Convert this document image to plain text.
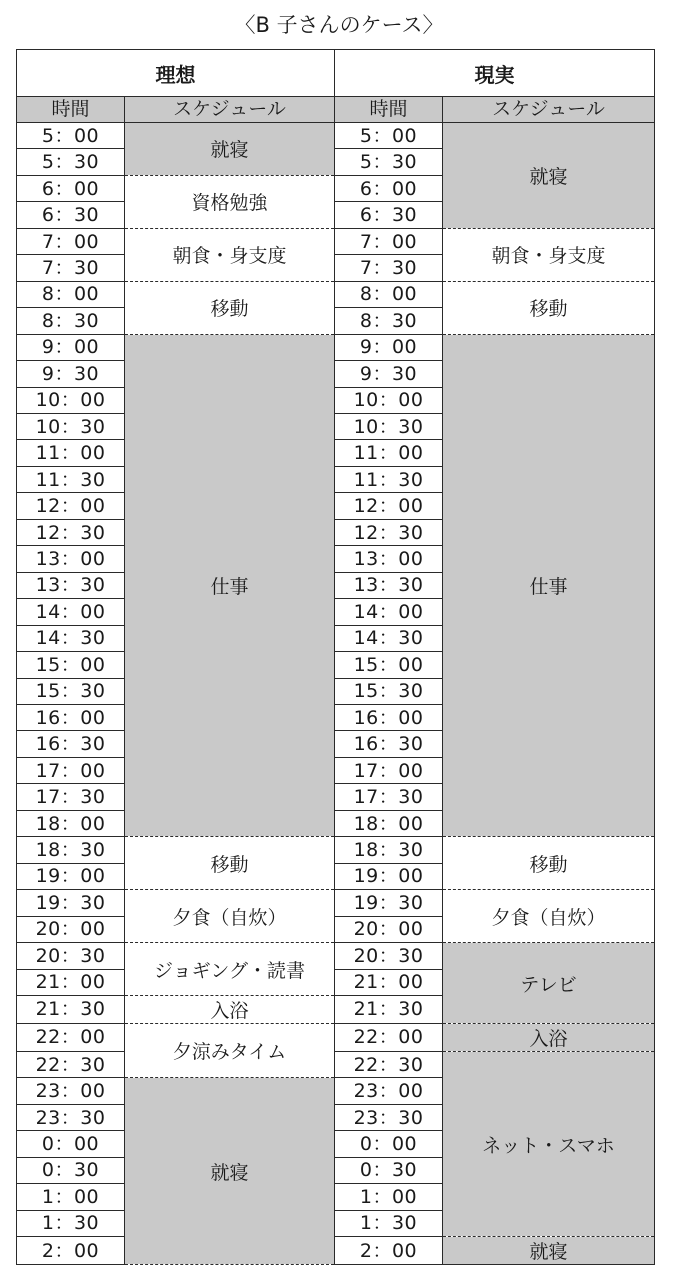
〈B 子さんのケース〉
理想		現実	
時間	スケジュール	時間	スケジュール
5：00	就寝	5：00	就寝
5：30		5：30	
6：00	資格勉強	6：00	
6：30		6：30	
7：00	朝食・身支度	7：00	朝食・身支度
7：30		7：30	
8：00	移動	8：00	移動
8：30		8：30	
9：00	仕事	9：00	仕事
9：30		9：30	
10：00		10：00	
10：30		10：30	
11：00		11：00	
11：30		11：30	
12：00		12：00	
12：30		12：30	
13：00		13：00	
13：30		13：30	
14：00		14：00	
14：30		14：30	
15：00		15：00	
15：30		15：30	
16：00		16：00	
16：30		16：30	
17：00		17：00	
17：30		17：30	
18：00		18：00	
18：30	移動	18：30	移動
19：00		19：00	
19：30	夕食（自炊）	19：30	夕食（自炊）
20：00		20：00	
20：30	ジョギング・読書	20：30	テレビ
21：00		21：00	
21：30	入浴	21：30	
22：00	夕涼みタイム	22：00	入浴
22：30		22：30	ネット・スマホ
23：00	就寝	23：00	
23：30		23：30	
0：00		0：00	
0：30		0：30	
1：00		1：00	
1：30		1：30	
2：00		2：00	就寝
